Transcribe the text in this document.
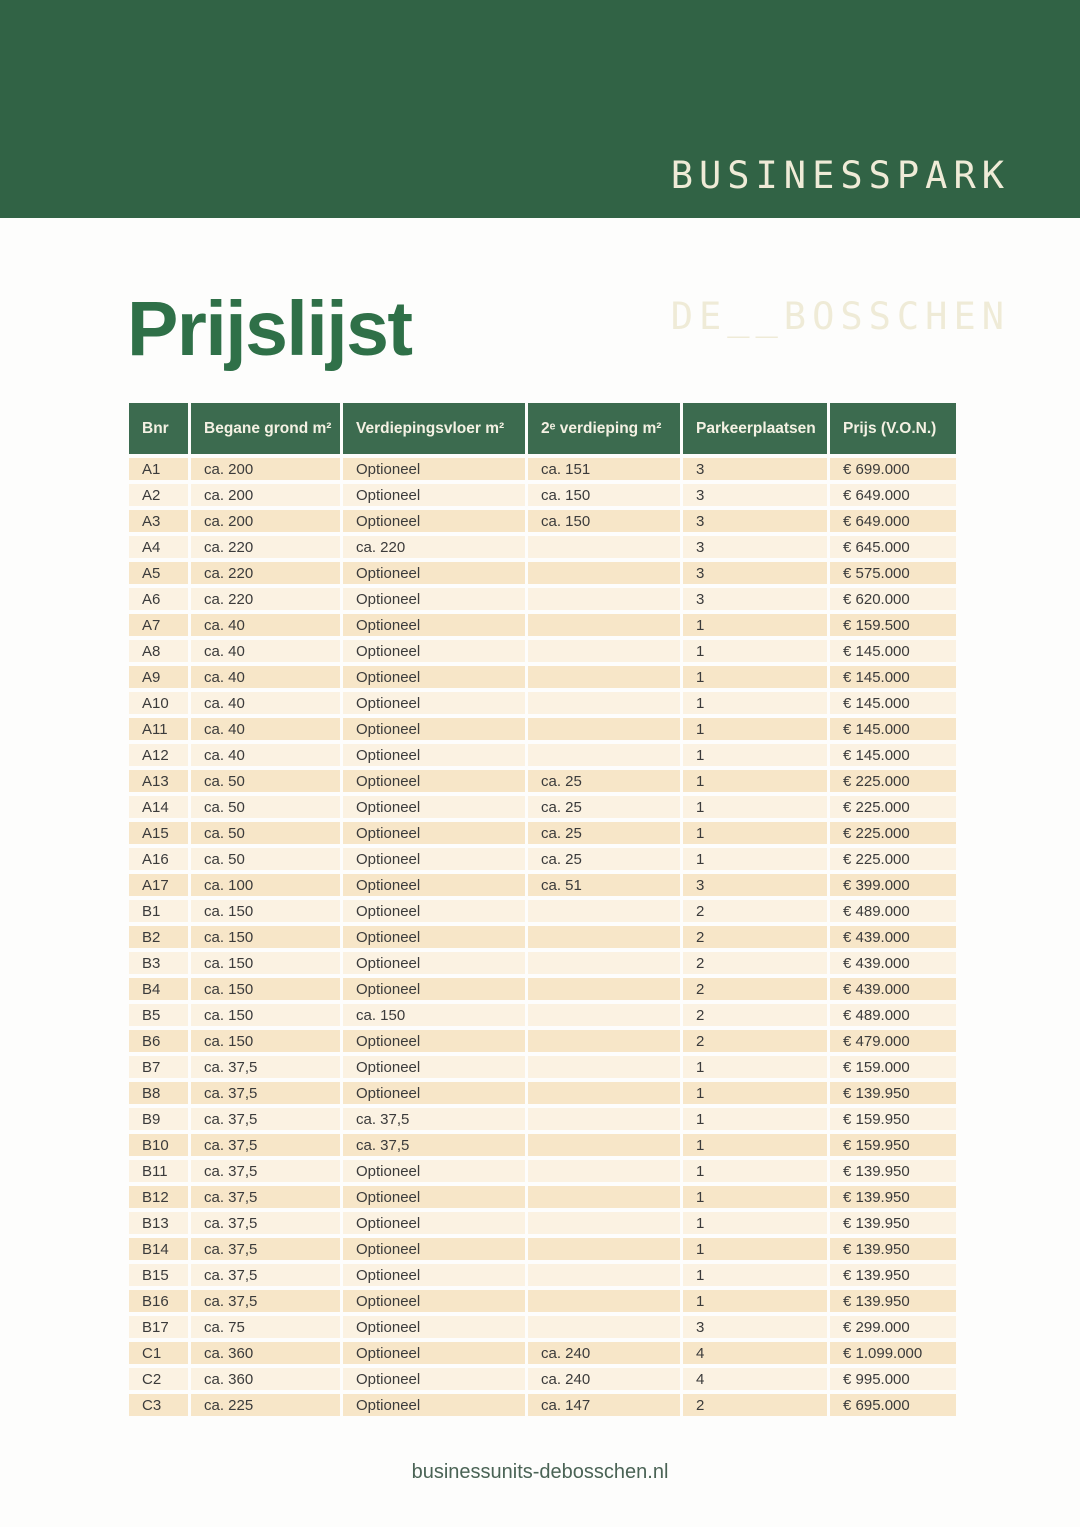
BUSINESSPARK

DE__BOSSCHEN

Prijslijst
Bnr	Begane grond m²	Verdiepingsvloer m²	2ᵉ verdieping m²	Parkeerplaatsen	Prijs (V.O.N.)
A1	ca. 200	Optioneel	ca. 151	3	€ 699.000
A2	ca. 200	Optioneel	ca. 150	3	€ 649.000
A3	ca. 200	Optioneel	ca. 150	3	€ 649.000
A4	ca. 220	ca. 220		3	€ 645.000
A5	ca. 220	Optioneel		3	€ 575.000
A6	ca. 220	Optioneel		3	€ 620.000
A7	ca. 40	Optioneel		1	€ 159.500
A8	ca. 40	Optioneel		1	€ 145.000
A9	ca. 40	Optioneel		1	€ 145.000
A10	ca. 40	Optioneel		1	€ 145.000
A11	ca. 40	Optioneel		1	€ 145.000
A12	ca. 40	Optioneel		1	€ 145.000
A13	ca. 50	Optioneel	ca. 25	1	€ 225.000
A14	ca. 50	Optioneel	ca. 25	1	€ 225.000
A15	ca. 50	Optioneel	ca. 25	1	€ 225.000
A16	ca. 50	Optioneel	ca. 25	1	€ 225.000
A17	ca. 100	Optioneel	ca. 51	3	€ 399.000
B1	ca. 150	Optioneel		2	€ 489.000
B2	ca. 150	Optioneel		2	€ 439.000
B3	ca. 150	Optioneel		2	€ 439.000
B4	ca. 150	Optioneel		2	€ 439.000
B5	ca. 150	ca. 150		2	€ 489.000
B6	ca. 150	Optioneel		2	€ 479.000
B7	ca. 37,5	Optioneel		1	€ 159.000
B8	ca. 37,5	Optioneel		1	€ 139.950
B9	ca. 37,5	ca. 37,5		1	€ 159.950
B10	ca. 37,5	ca. 37,5		1	€ 159.950
B11	ca. 37,5	Optioneel		1	€ 139.950
B12	ca. 37,5	Optioneel		1	€ 139.950
B13	ca. 37,5	Optioneel		1	€ 139.950
B14	ca. 37,5	Optioneel		1	€ 139.950
B15	ca. 37,5	Optioneel		1	€ 139.950
B16	ca. 37,5	Optioneel		1	€ 139.950
B17	ca. 75	Optioneel		3	€ 299.000
C1	ca. 360	Optioneel	ca. 240	4	€ 1.099.000
C2	ca. 360	Optioneel	ca. 240	4	€ 995.000
C3	ca. 225	Optioneel	ca. 147	2	€ 695.000
businessunits-debosschen.nl
